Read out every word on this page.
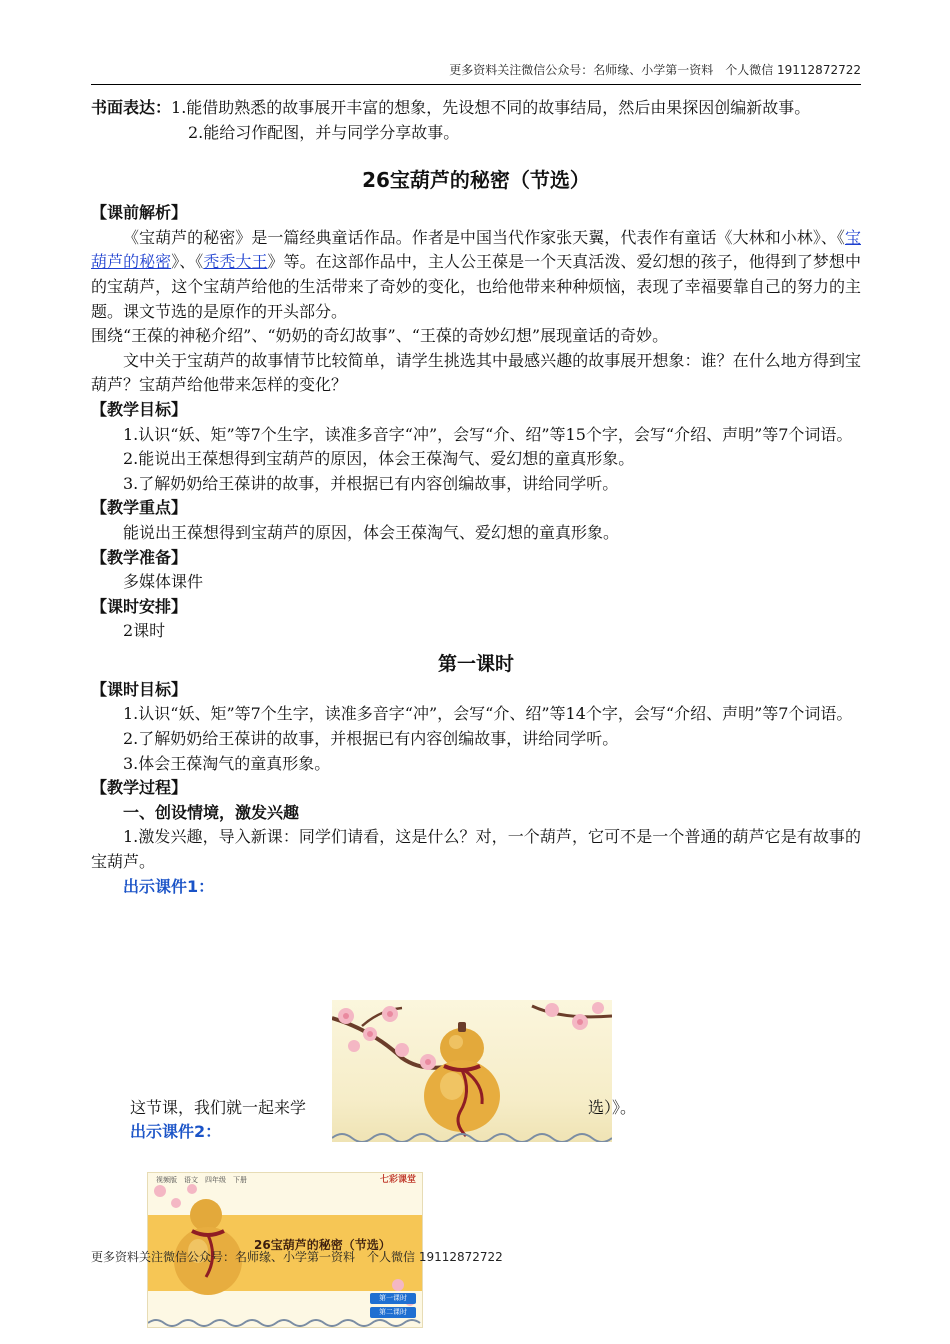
更多资料关注微信公众号：名师缘、小学第一资料　个人微信 19112872722

书面表达：1.能借助熟悉的故事展开丰富的想象，先设想不同的故事结局，然后由果探因创编新故事。

2.能给习作配图，并与同学分享故事。

26宝葫芦的秘密（节选）

【课前解析】

《宝葫芦的秘密》是一篇经典童话作品。作者是中国当代作家张天翼，代表作有童话《大林和小林》、《宝葫芦的秘密》、《秃秃大王》等。在这部作品中，主人公王葆是一个天真活泼、爱幻想的孩子，他得到了梦想中的宝葫芦，这个宝葫芦给他的生活带来了奇妙的变化，也给他带来种种烦恼，表现了幸福要靠自己的努力的主题。课文节选的是原作的开头部分。

围绕“王葆的神秘介绍”、“奶奶的奇幻故事”、“王葆的奇妙幻想”展现童话的奇妙。

文中关于宝葫芦的故事情节比较简单，请学生挑选其中最感兴趣的故事展开想象：谁？在什么地方得到宝葫芦？宝葫芦给他带来怎样的变化？

【教学目标】

1.认识“妖、矩”等7个生字，读准多音字“冲”，会写“介、绍”等15个字，会写“介绍、声明”等7个词语。

2.能说出王葆想得到宝葫芦的原因，体会王葆淘气、爱幻想的童真形象。

3.了解奶奶给王葆讲的故事，并根据已有内容创编故事，讲给同学听。

【教学重点】

能说出王葆想得到宝葫芦的原因，体会王葆淘气、爱幻想的童真形象。

【教学准备】

多媒体课件

【课时安排】

2课时

第一课时

【课时目标】

1.认识“妖、矩”等7个生字，读准多音字“冲”，会写“介、绍”等14个字，会写“介绍、声明”等7个词语。

2.了解奶奶给王葆讲的故事，并根据已有内容创编故事，讲给同学听。

3.体会王葆淘气的童真形象。

【教学过程】

一、创设情境，激发兴趣

1.激发兴趣，导入新课：同学们请看，这是什么？对，一个葫芦，它可不是一个普通的葫芦它是有故事的宝葫芦。

出示课件1：

这节课，我们就一起来学	选）》。
出示课件2：
视频版　语文　四年级　下册	七彩课堂
26宝葫芦的秘密（节选）
第一课时
第二课时
更多资料关注微信公众号：名师缘、小学第一资料　个人微信 19112872722
